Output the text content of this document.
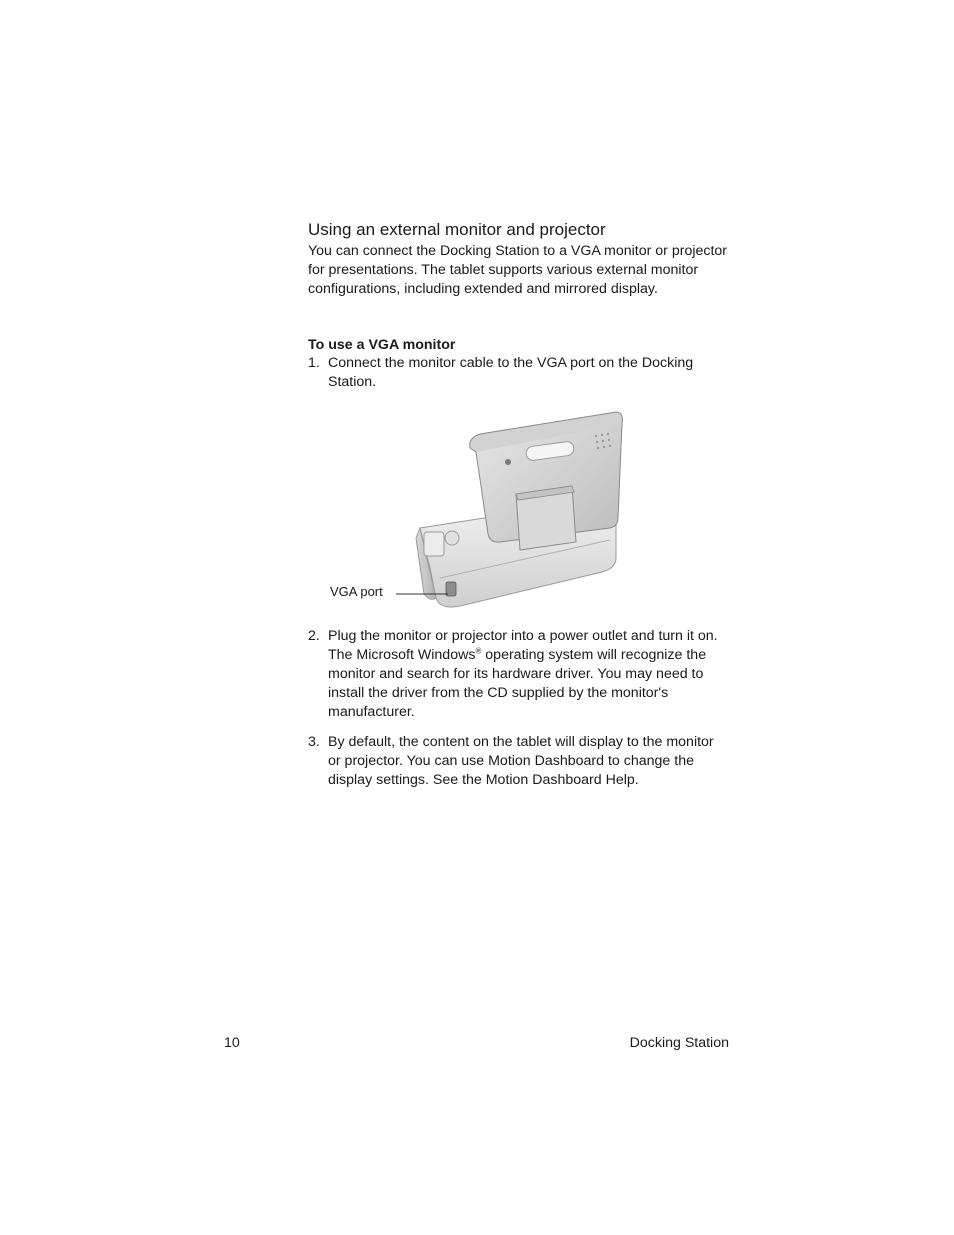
Using an external monitor and projector

You can connect the Docking Station to a VGA monitor or projector for presentations. The tablet supports various external monitor configurations, including extended and mirrored display.

To use a VGA monitor

1. Connect the monitor cable to the VGA port on the Docking Station.
VGA port
2. Plug the monitor or projector into a power outlet and turn it on. The Microsoft Windows® operating system will recognize the monitor and search for its hardware driver. You may need to install the driver from the CD supplied by the monitor's manufacturer.
3. By default, the content on the tablet will display to the monitor or projector. You can use Motion Dashboard to change the display settings. See the Motion Dashboard Help.
10	Docking Station
